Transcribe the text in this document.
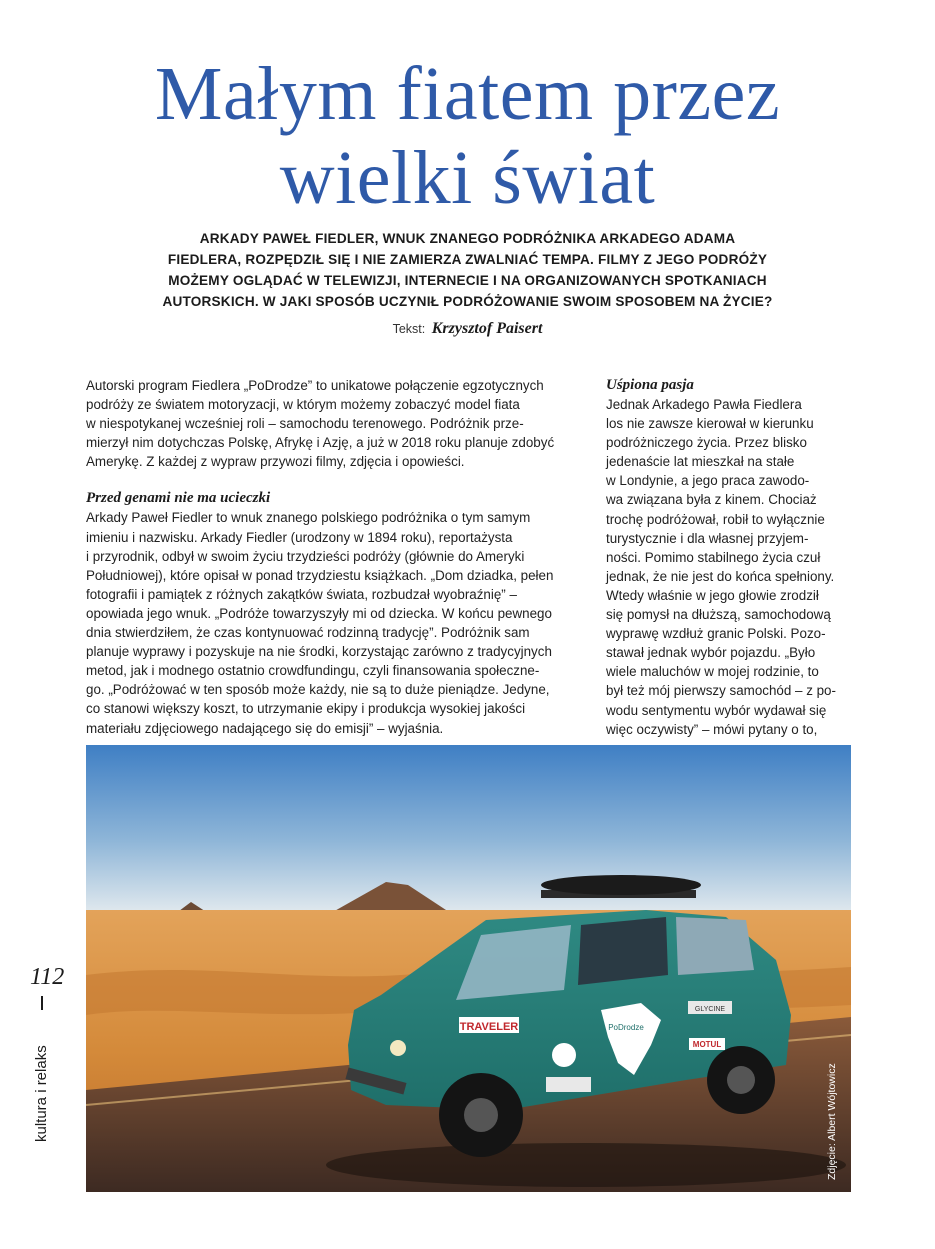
Małym fiatem przez
wielki świat

ARKADY PAWEŁ FIEDLER, WNUK ZNANEGO PODRÓŻNIKA ARKADEGO ADAMA
FIEDLERA, ROZPĘDZIŁ SIĘ I NIE ZAMIERZA ZWALNIAĆ TEMPA. FILMY Z JEGO PODRÓŻY
MOŻEMY OGLĄDAĆ W TELEWIZJI, INTERNECIE I NA ORGANIZOWANYCH SPOTKANIACH
AUTORSKICH. W JAKI SPOSÓB UCZYNIŁ PODRÓŻOWANIE SWOIM SPOSOBEM NA ŻYCIE?

Tekst: Krzysztof Paisert

Autorski program Fiedlera „PoDrodze” to unikatowe połączenie egzotycznych
podróży ze światem motoryzacji, w którym możemy zobaczyć model fiata
w niespotykanej wcześniej roli – samochodu terenowego. Podróżnik prze-
mierzył nim dotychczas Polskę, Afrykę i Azję, a już w 2018 roku planuje zdobyć
Amerykę. Z każdej z wypraw przywozi filmy, zdjęcia i opowieści.

Przed genami nie ma ucieczki

Arkady Paweł Fiedler to wnuk znanego polskiego podróżnika o tym samym
imieniu i nazwisku. Arkady Fiedler (urodzony w 1894 roku), reportażysta
i przyrodnik, odbył w swoim życiu trzydzieści podróży (głównie do Ameryki
Południowej), które opisał w ponad trzydziestu książkach. „Dom dziadka, pełen
fotografii i pamiątek z różnych zakątków świata, rozbudzał wyobraźnię” –
opowiada jego wnuk. „Podróże towarzyszyły mi od dziecka. W końcu pewnego
dnia stwierdziłem, że czas kontynuować rodzinną tradycję”. Podróżnik sam
planuje wyprawy i pozyskuje na nie środki, korzystając zarówno z tradycyjnych
metod, jak i modnego ostatnio crowdfundingu, czyli finansowania społeczne-
go. „Podróżować w ten sposób może każdy, nie są to duże pieniądze. Jedyne,
co stanowi większy koszt, to utrzymanie ekipy i produkcja wysokiej jakości
materiału zdjęciowego nadającego się do emisji” – wyjaśnia.

Uśpiona pasja

Jednak Arkadego Pawła Fiedlera
los nie zawsze kierował w kierunku
podróżniczego życia. Przez blisko
jedenaście lat mieszkał na stałe
w Londynie, a jego praca zawodo-
wa związana była z kinem. Chociaż
trochę podróżował, robił to wyłącznie
turystycznie i dla własnej przyjem-
ności. Pomimo stabilnego życia czuł
jednak, że nie jest do końca spełniony.
Wtedy właśnie w jego głowie zrodził
się pomysł na dłuższą, samochodową
wyprawę wzdłuż granic Polski. Pozo-
stawał jednak wybór pojazdu. „Było
wiele maluchów w mojej rodzinie, to
był też mój pierwszy samochód – z po-
wodu sentymentu wybór wydawał się
więc oczywisty” – mówi pytany o to,

TRAVELER	PoDrodze
MOTUL
GLYCINE
Zdjęcie: Albert Wójtowicz
112
kultura i relaks
